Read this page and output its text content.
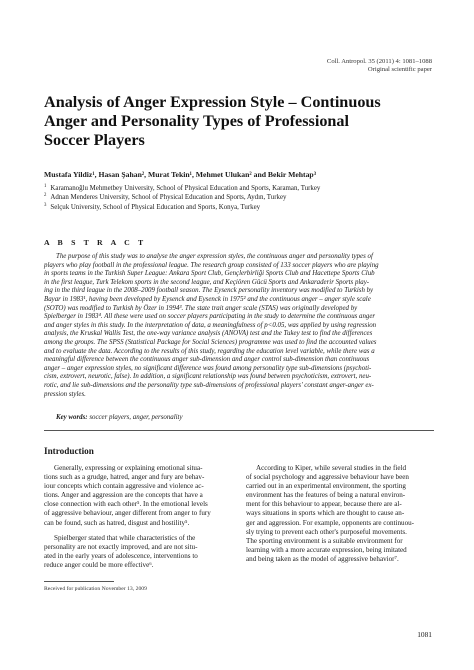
Coll. Antropol. 35 (2011) 4: 1081–1088
Original scientific paper
Analysis of Anger Expression Style – Continuous
Anger and Personality Types of Professional
Soccer Players
Mustafa Yildiz¹, Hasan Şahan², Murat Tekin¹, Mehmet Ulukan² and Bekir Mehtap³
$^1$ Karamanoğlu Mehmetbey University, School of Physical Education and Sports, Karaman, Turkey
$^2$ Adnan Menderes University, School of Physical Education and Sports, Aydın, Turkey
$^3$ Selçuk University, School of Physical Education and Sports, Konya, Turkey
A B S T R A C T
The purpose of this study was to analyse the anger expression styles, the continuous anger and personality types of
players who play football in the professional league. The research group consisted of 133 soccer players who are playing
in sports teams in the Turkish Super League: Ankara Sport Club, Gençlerbirliği Sports Club and Hacettepe Sports Club
in the first league, Turk Telekom sports in the second league, and Keçiören Gücü Sports and Ankaraderir Sports play-
ing in the third league in the 2008–2009 football season. The Eysenck personality inventory was modified to Turkish by
Bayar in 1983¹, having been developed by Eysenck and Eysenck in 1975² and the continuous anger – anger style scale
(SOTO) was modified to Turkish by Özer in 1994³. The state trait anger scale (STAS) was originally developed by
Spielberger in 1983⁴. All these were used on soccer players participating in the study to determine the continuous anger
and anger styles in this study. In the interpretation of data, a meaningfulness of p<0.05, was applied by using regression
analysis, the Kruskal Wallis Test, the one-way variance analysis (ANOVA) test and the Tukey test to find the differences
among the groups. The SPSS (Statistical Package for Social Sciences) programme was used to find the accounted values
and to evaluate the data. According to the results of this study, regarding the education level variable, while there was a
meaningful difference between the continuous anger sub-dimension and anger control sub-dimension than continuous
anger – anger expression styles, no significant difference was found among personality type sub-dimensions (psychoti-
cism, extrovert, neurotic, false). In addition, a significant relationship was found between psychoticism, extrovert, neu-
rotic, and lie sub-dimensions and the personality type sub-dimensions of professional players' constant anger-anger ex-
pression styles.
Key words: soccer players, anger, personality
Introduction
Generally, expressing or explaining emotional situa-
tions such as a grudge, hatred, anger and fury are behav-
iour concepts which contain aggressive and violence ac-
tions. Anger and aggression are the concepts that have a
close connection with each other⁵. In the emotional levels
of aggressive behaviour, anger different from anger to fury
can be found, such as hatred, disgust and hostility⁵.
Spielberger stated that while characteristics of the
personality are not exactly improved, and are not situ-
ated in the early years of adolescence, interventions to
reduce anger could be more effective⁶.
According to Kiper, while several studies in the field
of social psychology and aggressive behaviour have been
carried out in an experimental environment, the sporting
environment has the features of being a natural environ-
ment for this behaviour to appear, because there are al-
ways situations in sports which are thought to cause an-
ger and aggression. For example, opponents are continuou-
sly trying to prevent each other's purposeful movements.
The sporting environment is a suitable environment for
learning with a more accurate expression, being imitated
and being taken as the model of aggressive behavior⁷.
Received for publication November 13, 2009
1081
